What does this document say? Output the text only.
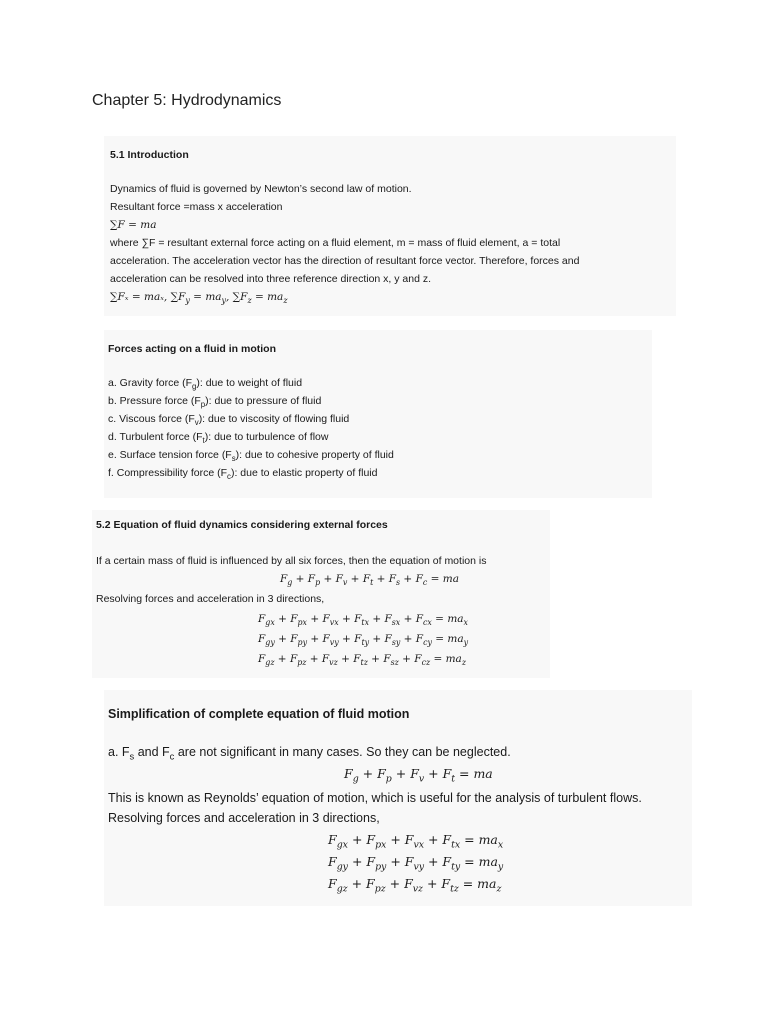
Chapter 5: Hydrodynamics
5.1 Introduction
Dynamics of fluid is governed by Newton’s second law of motion.
Resultant force =mass x acceleration
∑F = ma
where ∑F = resultant external force acting on a fluid element, m = mass of fluid element, a = total
acceleration. The acceleration vector has the direction of resultant force vector. Therefore, forces and
acceleration can be resolved into three reference direction x, y and z.
∑Fₓ = maₓ, $\sum F_y = ma_y$, $\sum F_z = ma_z$
Forces acting on a fluid in motion
a. Gravity force $(F_g)$: due to weight of fluid
b. Pressure force $(F_p)$: due to pressure of fluid
c. Viscous force $(F_v)$: due to viscosity of flowing fluid
d. Turbulent force $(F_t)$: due to turbulence of flow
e. Surface tension force $(F_s)$: due to cohesive property of fluid
f. Compressibility force $(F_c)$: due to elastic property of fluid
5.2 Equation of fluid dynamics considering external forces
If a certain mass of fluid is influenced by all six forces, then the equation of motion is
$F_g + F_p + F_v + F_t + F_s + F_c$ = ma
Resolving forces and acceleration in 3 directions,
$F_{gx} + F_{px} + F_{vx} + F_{tx} + F_{sx} + F_{cx} = ma_x$
$F_{gy} + F_{py} + F_{vy} + F_{ty} + F_{sy} + F_{cy} = ma_y$
$F_{gz} + F_{pz} + F_{vz} + F_{tz} + F_{sz} + F_{cz} = ma_z$
Simplification of complete equation of fluid motion
a. $F_s$ and $F_c$ are not significant in many cases. So they can be neglected.
$F_g + F_p + F_v + F_t$ = ma
This is known as Reynolds’ equation of motion, which is useful for the analysis of turbulent flows.
Resolving forces and acceleration in 3 directions,
$F_{gx} + F_{px} + F_{vx} + F_{tx} = ma_x$
$F_{gy} + F_{py} + F_{vy} + F_{ty} = ma_y$
$F_{gz} + F_{pz} + F_{vz} + F_{tz} = ma_z$
